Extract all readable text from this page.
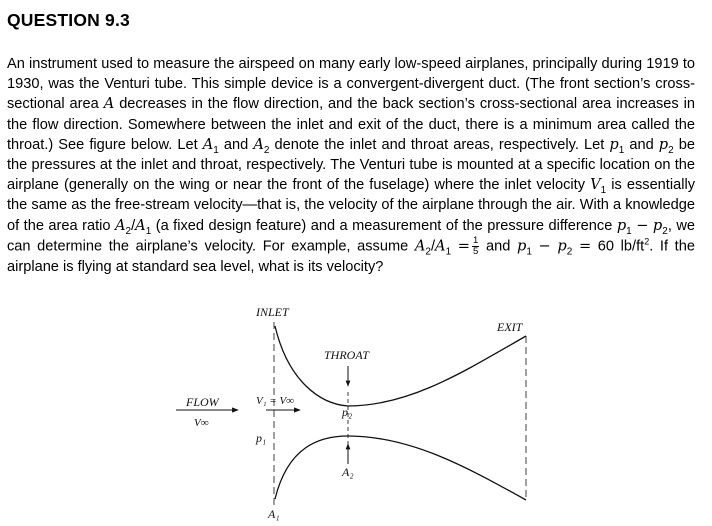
QUESTION 9.3

An instrument used to measure the airspeed on many early low-speed airplanes, principally during 1919 to 1930, was the Venturi tube. This simple device is a convergent-divergent duct. (The front section’s cross-sectional area A decreases in the flow direction, and the back section’s cross-sectional area increases in the flow direction. Somewhere between the inlet and exit of the duct, there is a minimum area called the throat.) See figure below. Let $A_1$ and $A_2$ denote the inlet and throat areas, respectively. Let $p_1$ and $p_2$ be the pressures at the inlet and throat, respectively. The Venturi tube is mounted at a specific location on the airplane (generally on the wing or near the front of the fuselage) where the inlet velocity $V_1$ is essentially the same as the free-stream velocity—that is, the velocity of the airplane through the air. With a knowledge of the area ratio $A_2/A_1$ (a fixed design feature) and a measurement of the pressure difference $p_1 - p_2$, we can determine the airplane’s velocity. For example, assume $A_2/A_1 = \frac{1}{5}$ and $p_1 - p_2 = 60$ $lb/ft^2$. If the airplane is flying at standard sea level, what is its velocity?

INLET
EXIT
THROAT
FLOW
V∞
V₁ = V∞
p₁
p₂
A₁
A₂
